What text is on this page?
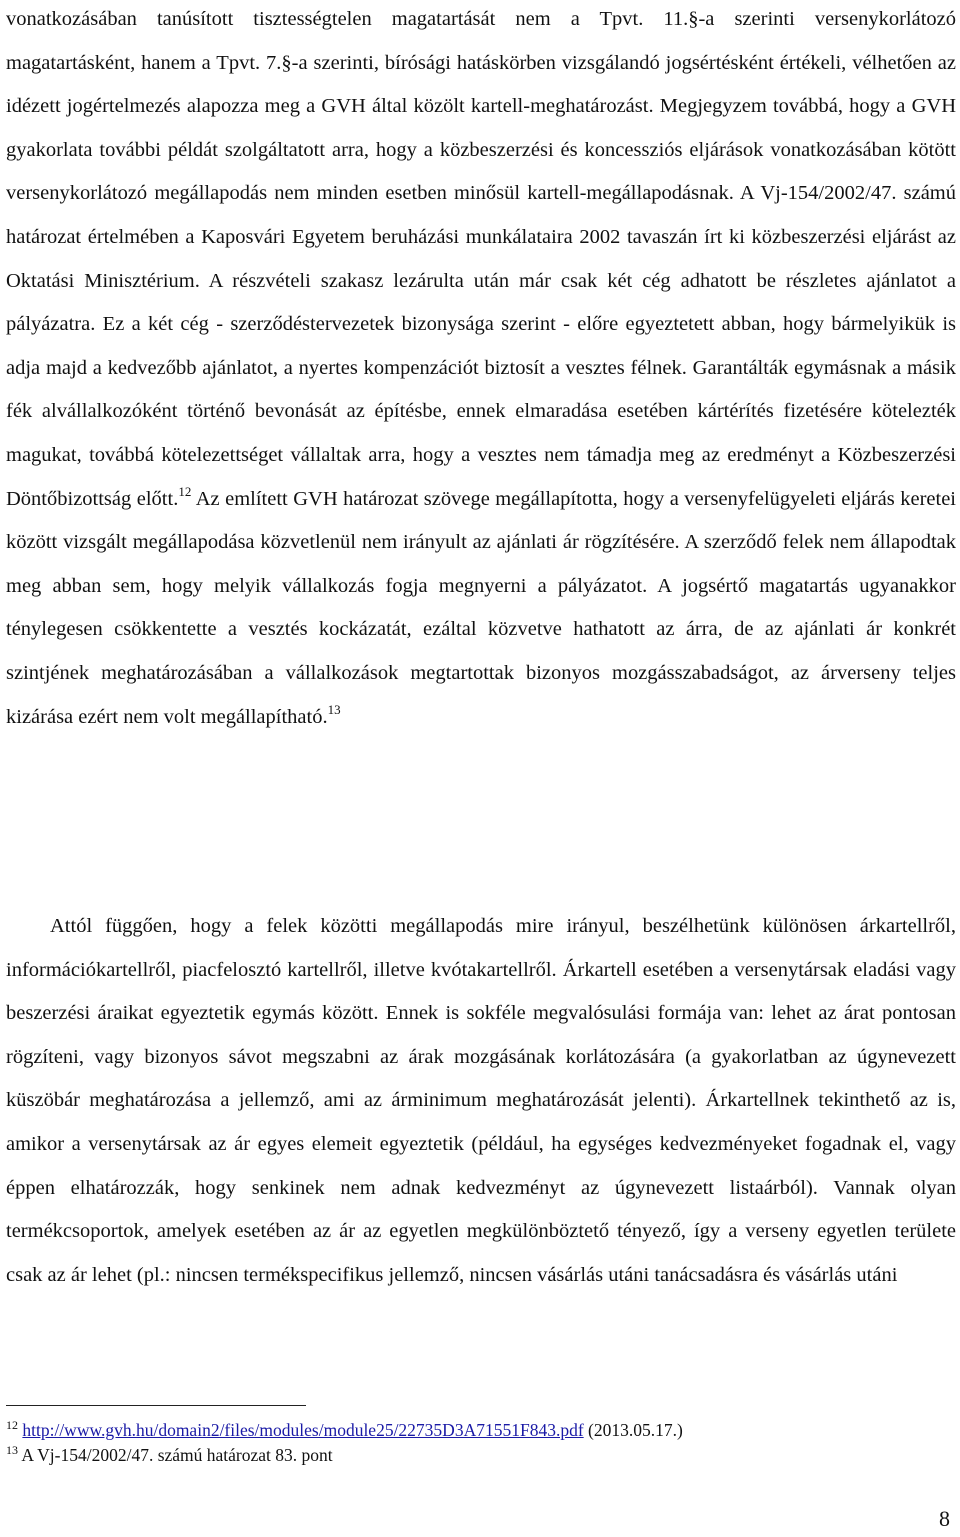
vonatkozásában tanúsított tisztességtelen magatartását nem a Tpvt. 11.§-a szerinti versenykorlátozó magatartásként, hanem a Tpvt. 7.§-a szerinti, bírósági hatáskörben vizsgálandó jogsértésként értékeli, vélhetően az idézett jogértelmezés alapozza meg a GVH által közölt kartell-meghatározást. Megjegyzem továbbá, hogy a GVH gyakorlata további példát szolgáltatott arra, hogy a közbeszerzési és koncessziós eljárások vonatkozásában kötött versenykorlátozó megállapodás nem minden esetben minősül kartell-megállapodásnak. A Vj-154/2002/47. számú határozat értelmében a Kaposvári Egyetem beruházási munkálataira 2002 tavaszán írt ki közbeszerzési eljárást az Oktatási Minisztérium. A részvételi szakasz lezárulta után már csak két cég adhatott be részletes ajánlatot a pályázatra. Ez a két cég - szerződéstervezetek bizonysága szerint - előre egyeztetett abban, hogy bármelyikük is adja majd a kedvezőbb ajánlatot, a nyertes kompenzációt biztosít a vesztes félnek. Garantálták egymásnak a másik fék alvállalkozóként történő bevonását az építésbe, ennek elmaradása esetében kártérítés fizetésére kötelezték magukat, továbbá kötelezettséget vállaltak arra, hogy a vesztes nem támadja meg az eredményt a Közbeszerzési Döntőbizottság előtt.$^{12}$ Az említett GVH határozat szövege megállapította, hogy a versenyfelügyeleti eljárás keretei között vizsgált megállapodása közvetlenül nem irányult az ajánlati ár rögzítésére. A szerződő felek nem állapodtak meg abban sem, hogy melyik vállalkozás fogja megnyerni a pályázatot. A jogsértő magatartás ugyanakkor ténylegesen csökkentette a vesztés kockázatát, ezáltal közvetve hathatott az árra, de az ajánlati ár konkrét szintjének meghatározásában a vállalkozások megtartottak bizonyos mozgásszabadságot, az árverseny teljes kizárása ezért nem volt megállapítható.$^{13}$

Attól függően, hogy a felek közötti megállapodás mire irányul, beszélhetünk különösen árkartellről, információkartellről, piacfelosztó kartellről, illetve kvótakartellről. Árkartell esetében a versenytársak eladási vagy beszerzési áraikat egyeztetik egymás között. Ennek is sokféle megvalósulási formája van: lehet az árat pontosan rögzíteni, vagy bizonyos sávot megszabni az árak mozgásának korlátozására (a gyakorlatban az úgynevezett küszöbár meghatározása a jellemző, ami az árminimum meghatározását jelenti). Árkartellnek tekinthető az is, amikor a versenytársak az ár egyes elemeit egyeztetik (például, ha egységes kedvezményeket fogadnak el, vagy éppen elhatározzák, hogy senkinek nem adnak kedvezményt az úgynevezett listaárból). Vannak olyan termékcsoportok, amelyek esetében az ár az egyetlen megkülönböztető tényező, így a verseny egyetlen területe csak az ár lehet (pl.: nincsen termékspecifikus jellemző, nincsen vásárlás utáni tanácsadásra és vásárlás utáni

$^{12}$ http://www.gvh.hu/domain2/files/modules/module25/22735D3A71551F843.pdf (2013.05.17.)
$^{13}$ A Vj-154/2002/47. számú határozat 83. pont
8
